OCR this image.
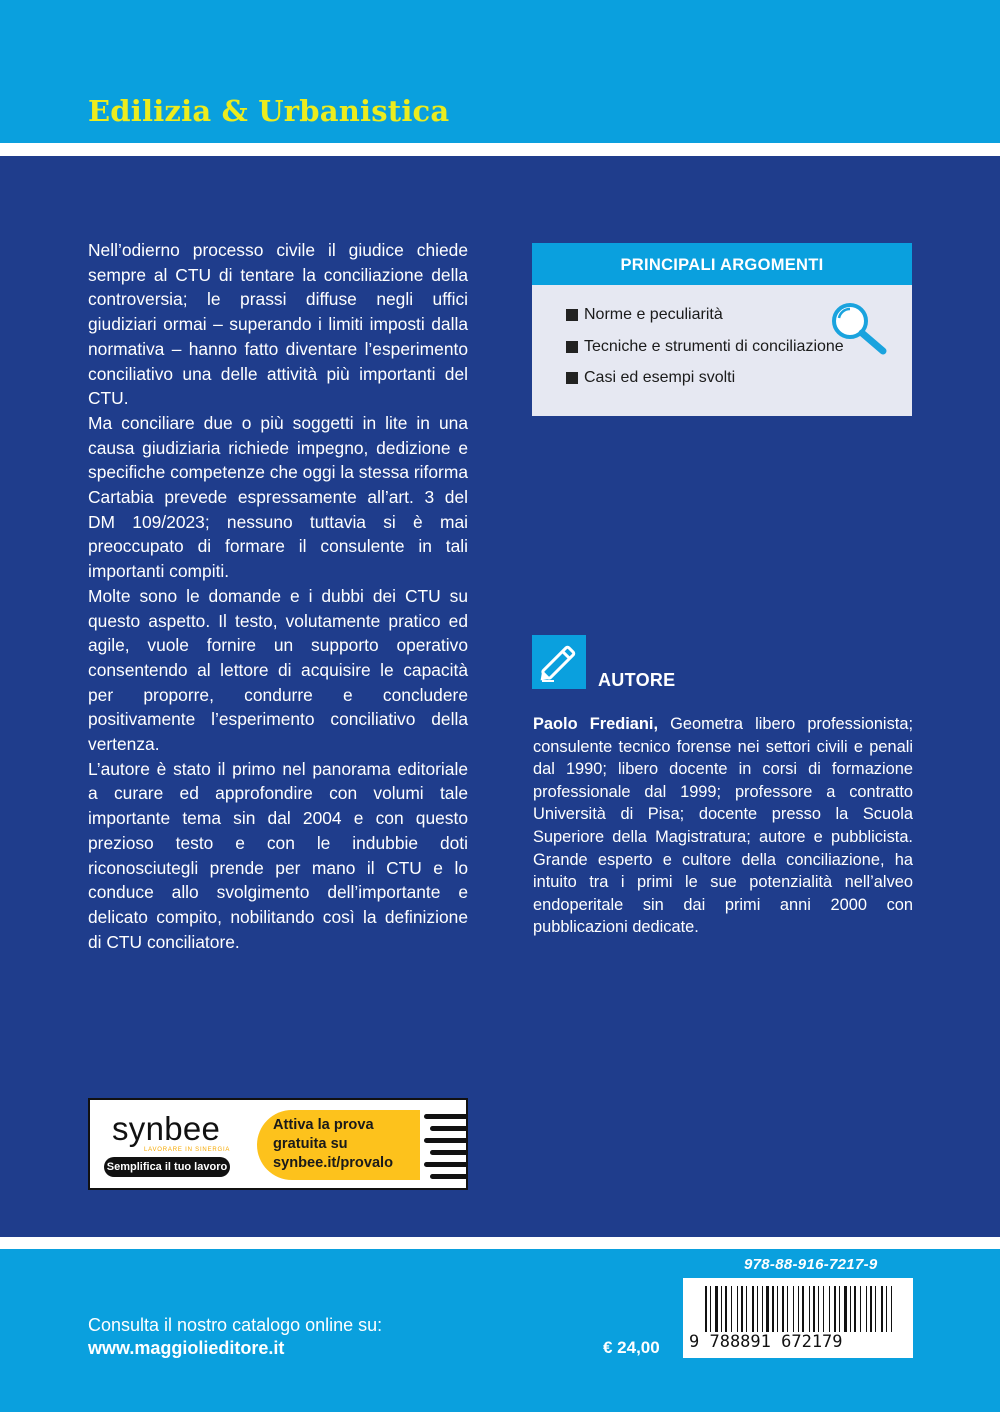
Edilizia & Urbanistica

Nell’odierno processo civile il giudice chiede sempre al CTU di tentare la conciliazione della controversia; le prassi diffuse negli uffici giudiziari ormai – superando i limiti imposti dalla normativa – hanno fatto diventare l’esperimento conciliativo una delle attività più importanti del CTU.

Ma conciliare due o più soggetti in lite in una causa giudiziaria richiede impegno, dedizione e specifiche competenze che oggi la stessa riforma Cartabia prevede espressamente all’art. 3 del DM 109/2023; nessuno tuttavia si è mai preoccupato di formare il consulente in tali importanti compiti.

Molte sono le domande e i dubbi dei CTU su questo aspetto. Il testo, volutamente pratico ed agile, vuole fornire un supporto operativo consentendo al lettore di acquisire le capacità per proporre, condurre e concludere positivamente l’esperimento conciliativo della vertenza.

L’autore è stato il primo nel panorama editoriale a curare ed approfondire con volumi tale importante tema sin dal 2004 e con questo prezioso testo e con le indubbie doti riconosciutegli prende per mano il CTU e lo conduce allo svolgimento dell’importante e delicato compito, nobilitando così la definizione di CTU conciliatore.

PRINCIPALI ARGOMENTI
Norme e peculiarità
Tecniche e strumenti di conciliazione
Casi ed esempi svolti
AUTORE
Paolo Frediani, Geometra libero professionista; consulente tecnico forense nei settori civili e penali dal 1990; libero docente in corsi di formazione professionale dal 1999; professore a contratto Università di Pisa; docente presso la Scuola Superiore della Magistratura; autore e pubblicista. Grande esperto e cultore della conciliazione, ha intuito tra i primi le sue potenzialità nell’alveo endoperitale sin dai primi anni 2000 con pubblicazioni dedicate.
synbee
LAVORARE IN SINERGIA
Semplifica il tuo lavoro
Attiva la prova
gratuita su
synbee.it/provalo
Consulta il nostro catalogo online su:
www.maggiolieditore.it	€ 24,00
978-88-916-7217-9
9 788891 672179
